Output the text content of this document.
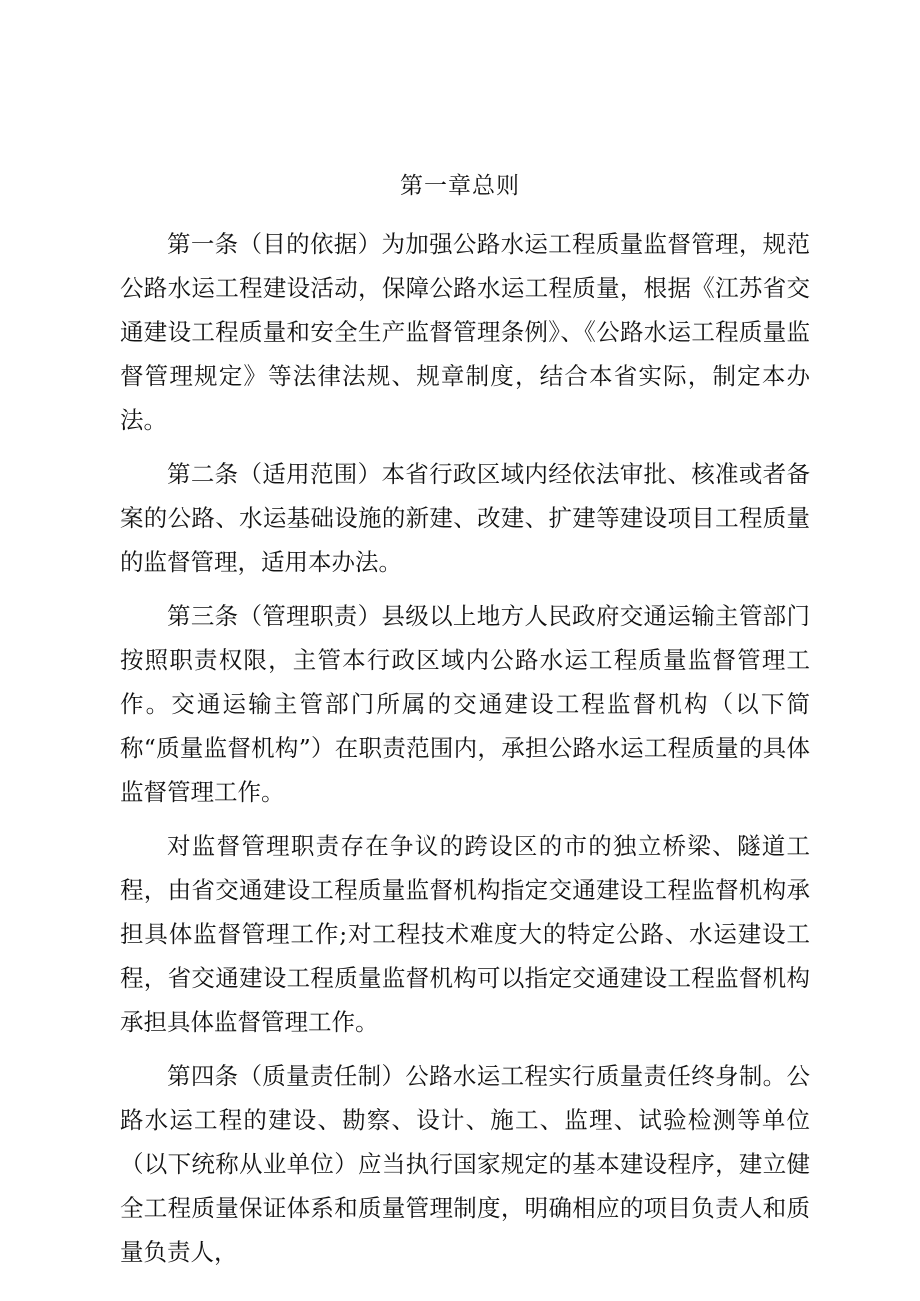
第一章总则

第一条（目的依据）为加强公路水运工程质量监督管理，规范公路水运工程建设活动，保障公路水运工程质量，根据《江苏省交通建设工程质量和安全生产监督管理条例》、《公路水运工程质量监督管理规定》等法律法规、规章制度，结合本省实际，制定本办法。

第二条（适用范围）本省行政区域内经依法审批、核准或者备案的公路、水运基础设施的新建、改建、扩建等建设项目工程质量的监督管理，适用本办法。

第三条（管理职责）县级以上地方人民政府交通运输主管部门按照职责权限，主管本行政区域内公路水运工程质量监督管理工作。交通运输主管部门所属的交通建设工程监督机构（以下简称“质量监督机构”）在职责范围内，承担公路水运工程质量的具体监督管理工作。

对监督管理职责存在争议的跨设区的市的独立桥梁、隧道工程，由省交通建设工程质量监督机构指定交通建设工程监督机构承担具体监督管理工作;对工程技术难度大的特定公路、水运建设工程，省交通建设工程质量监督机构可以指定交通建设工程监督机构承担具体监督管理工作。

第四条（质量责任制）公路水运工程实行质量责任终身制。公路水运工程的建设、勘察、设计、施工、监理、试验检测等单位（以下统称从业单位）应当执行国家规定的基本建设程序，建立健全工程质量保证体系和质量管理制度，明确相应的项目负责人和质量负责人，
